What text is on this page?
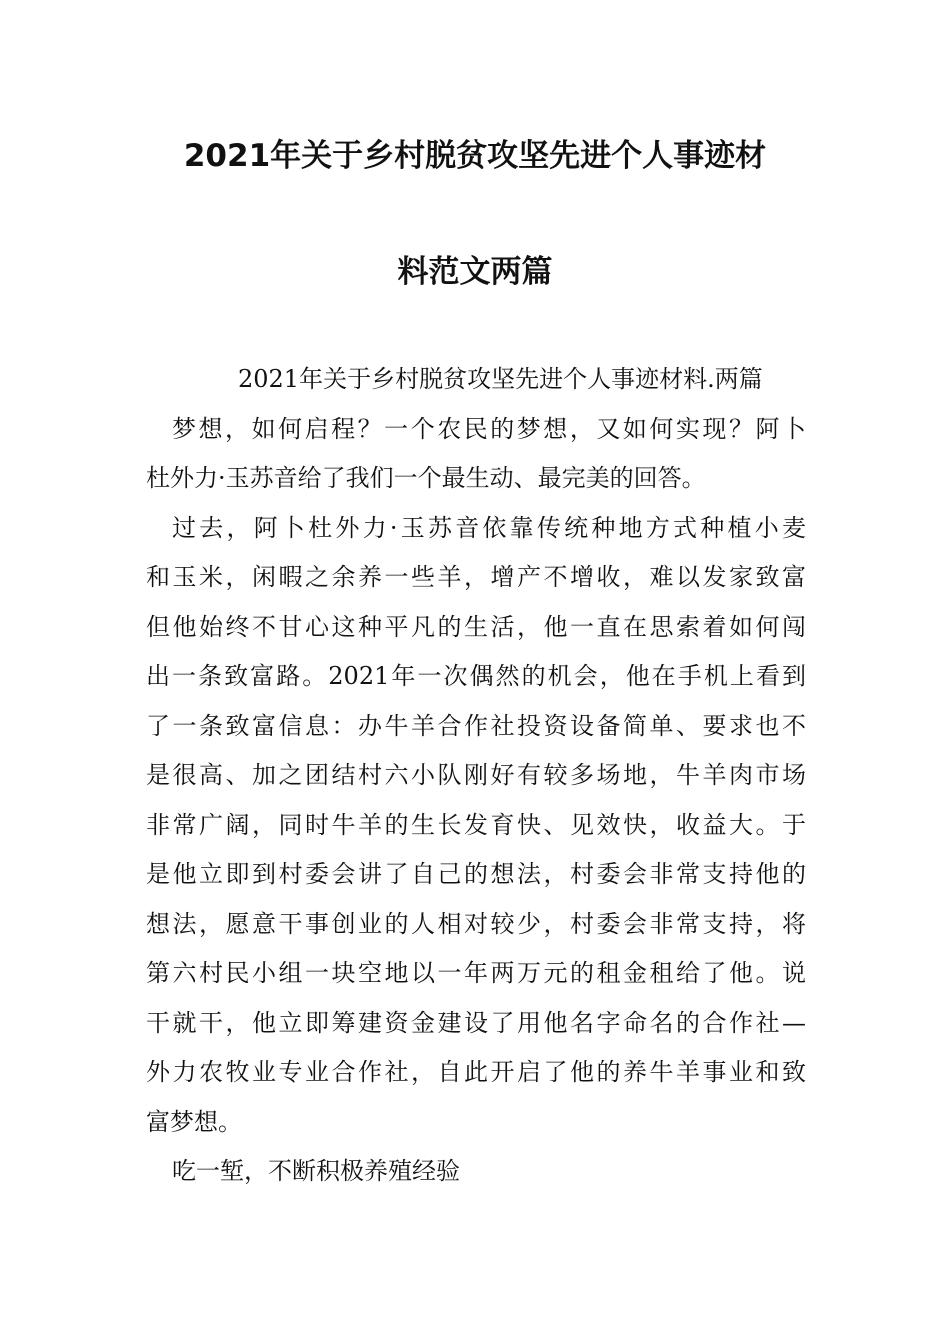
2021年关于乡村脱贫攻坚先进个人事迹材
料范文两篇
2021年关于乡村脱贫攻坚先进个人事迹材料.两篇
梦想，如何启程？一个农民的梦想，又如何实现？阿卜
杜外力·玉苏音给了我们一个最生动、最完美的回答。
过去，阿卜杜外力·玉苏音依靠传统种地方式种植小麦
和玉米，闲暇之余养一些羊，增产不增收，难以发家致富
但他始终不甘心这种平凡的生活，他一直在思索着如何闯
出一条致富路。2021年一次偶然的机会，他在手机上看到
了一条致富信息：办牛羊合作社投资设备简单、要求也不
是很高、加之团结村六小队刚好有较多场地，牛羊肉市场
非常广阔，同时牛羊的生长发育快、见效快，收益大。于
是他立即到村委会讲了自己的想法，村委会非常支持他的
想法，愿意干事创业的人相对较少，村委会非常支持，将
第六村民小组一块空地以一年两万元的租金租给了他。说
干就干，他立即筹建资金建设了用他名字命名的合作社—
外力农牧业专业合作社，自此开启了他的养牛羊事业和致
富梦想。
吃一堑，不断积极养殖经验
